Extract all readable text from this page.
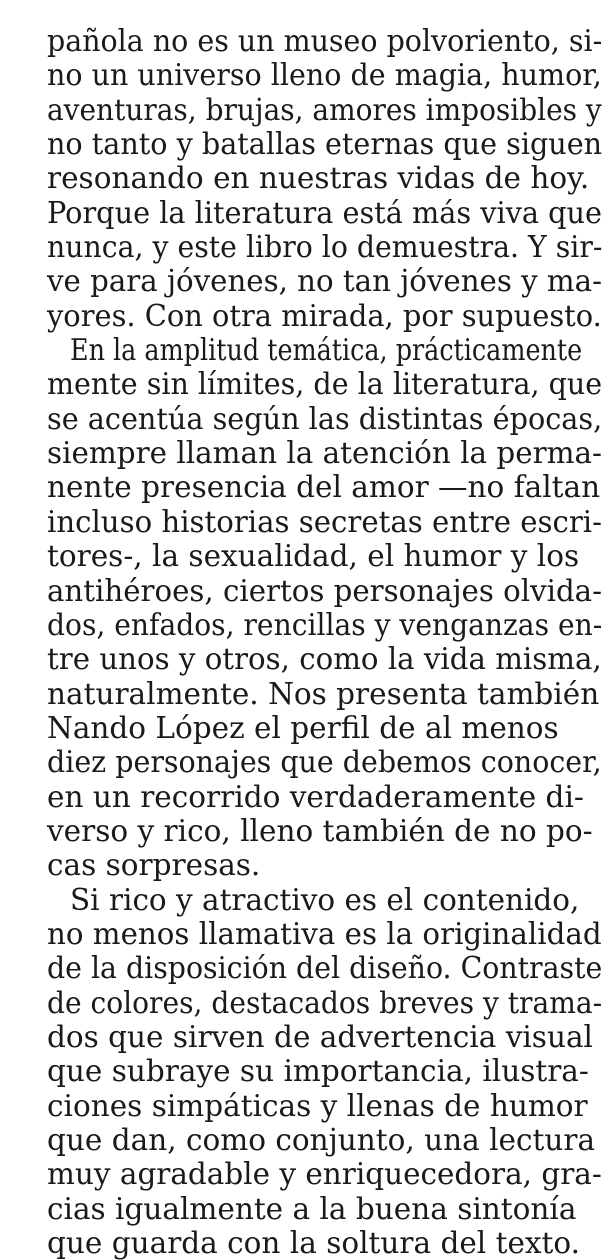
pañola no es un museo polvoriento, si-
no un universo lleno de magia, humor,
aventuras, brujas, amores imposibles y
no tanto y batallas eternas que siguen
resonando en nuestras vidas de hoy.
Porque la literatura está más viva que
nunca, y este libro lo demuestra. Y sir-
ve para jóvenes, no tan jóvenes y ma-
yores. Con otra mirada, por supuesto.

En la amplitud temática, prácticamente
mente sin límites, de la literatura, que
se acentúa según las distintas épocas,
siempre llaman la atención la perma-
nente presencia del amor —no faltan
incluso historias secretas entre escri-
tores-, la sexualidad, el humor y los
antihéroes, ciertos personajes olvida-
dos, enfados, rencillas y venganzas en-
tre unos y otros, como la vida misma,
naturalmente. Nos presenta también
Nando López el perfil de al menos
diez personajes que debemos conocer,
en un recorrido verdaderamente di-
verso y rico, lleno también de no po-
cas sorpresas.

Si rico y atractivo es el contenido,
no menos llamativa es la originalidad
de la disposición del diseño. Contraste
de colores, destacados breves y trama-
dos que sirven de advertencia visual
que subraye su importancia, ilustra-
ciones simpáticas y llenas de humor
que dan, como conjunto, una lectura
muy agradable y enriquecedora, gra-
cias igualmente a la buena sintonía
que guarda con la soltura del texto.
